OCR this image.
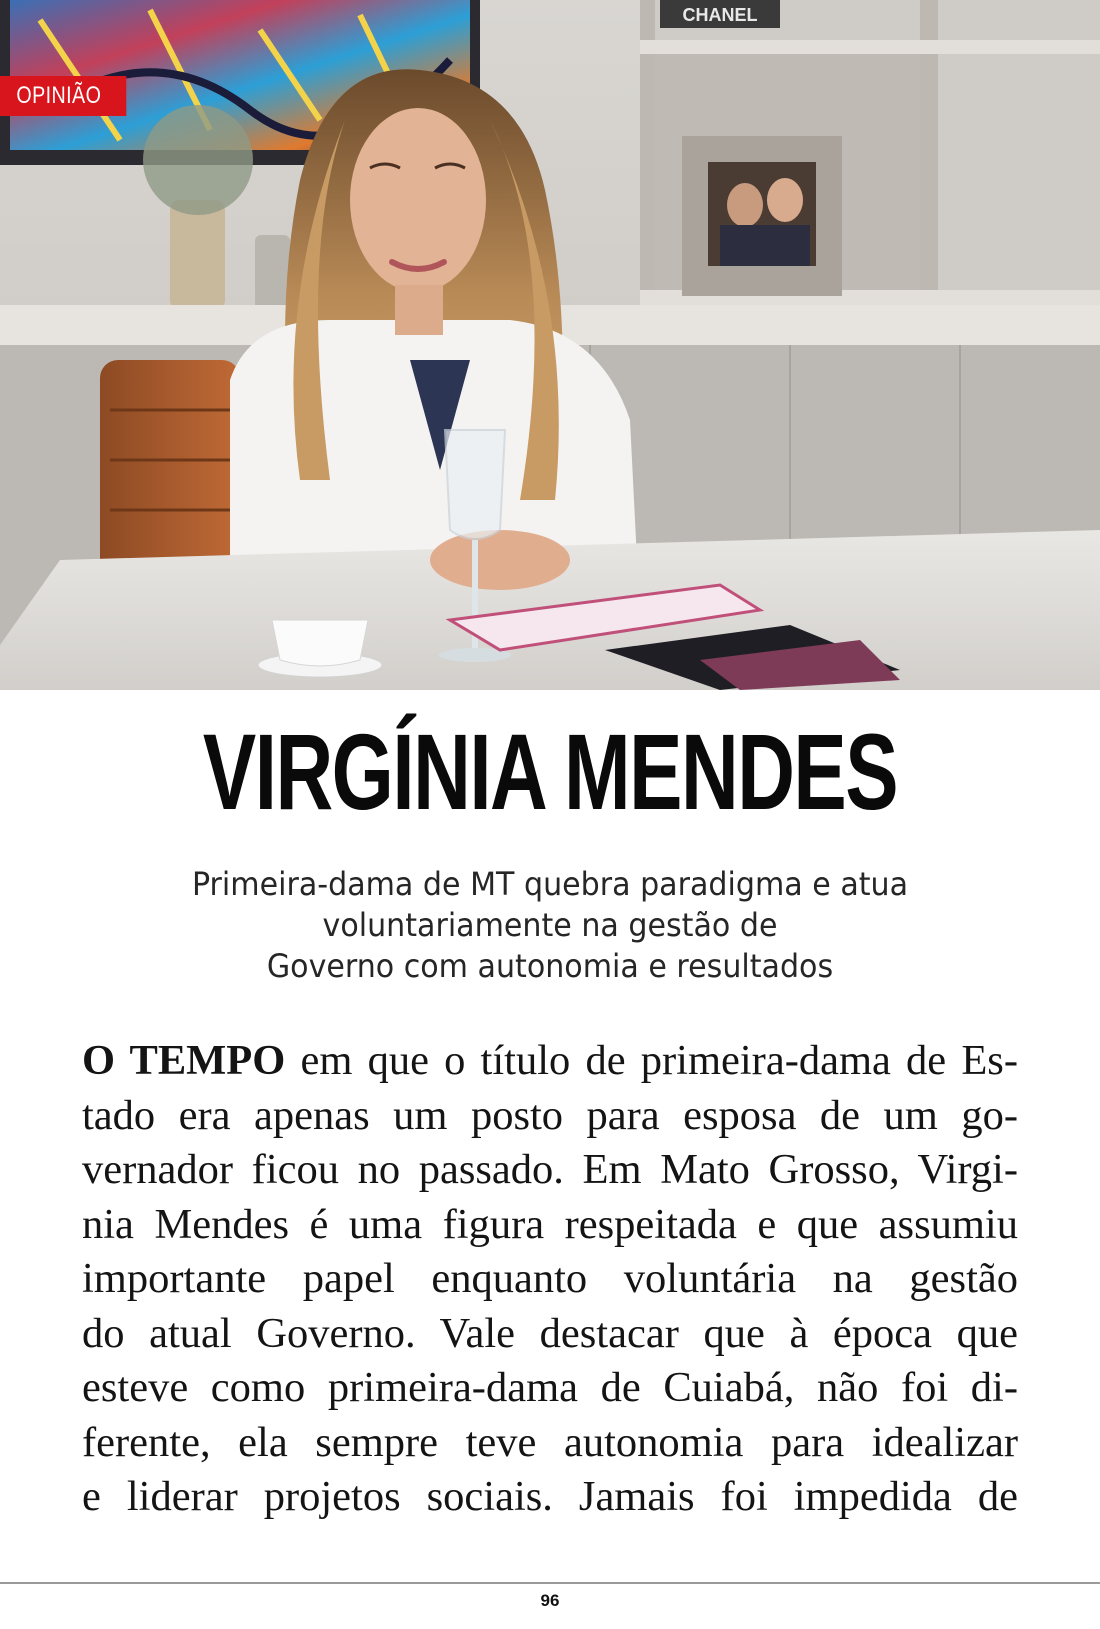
CHANEL
OPINIÃO
VIRGÍNIA MENDES
Primeira-dama de MT quebra paradigma e atua
voluntariamente na gestão de
Governo com autonomia e resultados
O TEMPO em que o título de primeira-dama de Es-
tado era apenas um posto para esposa de um go-
vernador ficou no passado. Em Mato Grosso, Virgi-
nia Mendes é uma figura respeitada e que assumiu
importante papel enquanto voluntária na gestão
do atual Governo. Vale destacar que à época que
esteve como primeira-dama de Cuiabá, não foi di-
ferente, ela sempre teve autonomia para idealizar
e liderar projetos sociais. Jamais foi impedida de
96
